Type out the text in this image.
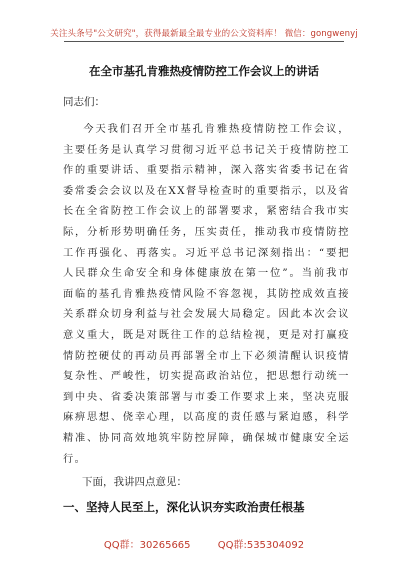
关注头条号"公文研究"，获得最新最全最专业的公文资料库！ 微信：gongwenyj
在全市基孔肯雅热疫情防控工作会议上的讲话
同志们：

今天我们召开全市基孔肯雅热疫情防控工作会议，主要任务是认真学习贯彻习近平总书记关于疫情防控工作的重要讲话、重要指示精神，深入落实省委书记在省委常委会会议以及在XX督导检查时的重要指示，以及省长在全省防控工作会议上的部署要求，紧密结合我市实际，分析形势明确任务，压实责任，推动我市疫情防控工作再强化、再落实。习近平总书记深刻指出：“要把人民群众生命安全和身体健康放在第一位”。当前我市面临的基孔肯雅热疫情风险不容忽视，其防控成效直接关系群众切身利益与社会发展大局稳定。因此本次会议意义重大，既是对既往工作的总结检视，更是对打赢疫情防控硬仗的再动员再部署全市上下必须清醒认识疫情复杂性、严峻性，切实提高政治站位，把思想行动统一到中央、省委决策部署与市委工作要求上来，坚决克服麻痹思想、侥幸心理，以高度的责任感与紧迫感，科学精准、协同高效地筑牢防控屏障，确保城市健康安全运行。

下面，我讲四点意见：
一、坚持人民至上，深化认识夯实政治责任根基
QQ群：30265665	QQ群:535304092
